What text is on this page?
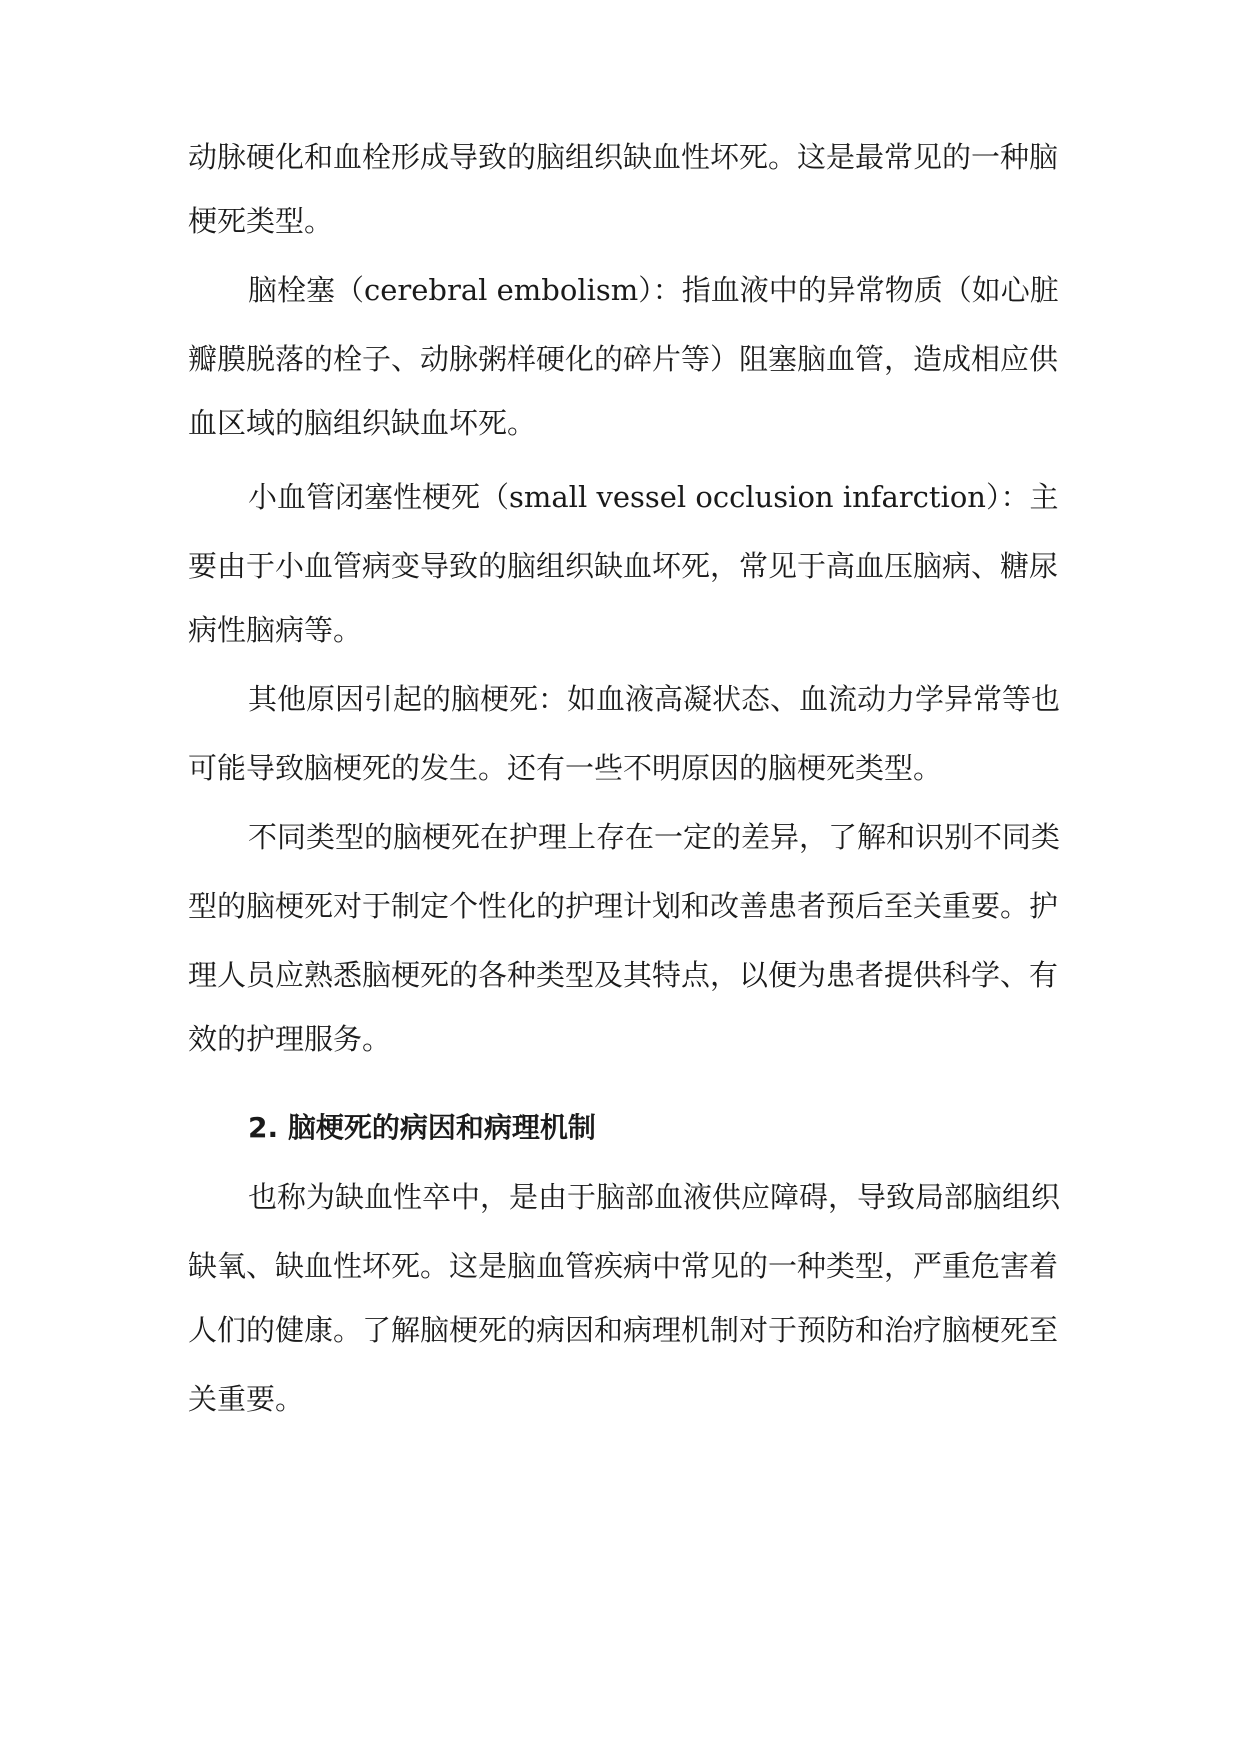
动脉硬化和血栓形成导致的脑组织缺血性坏死。这是最常见的一种脑
梗死类型。
脑栓塞（cerebral embolism）：指血液中的异常物质（如心脏
瓣膜脱落的栓子、动脉粥样硬化的碎片等）阻塞脑血管，造成相应供
血区域的脑组织缺血坏死。
小血管闭塞性梗死（small vessel occlusion infarction）：主
要由于小血管病变导致的脑组织缺血坏死，常见于高血压脑病、糖尿
病性脑病等。
其他原因引起的脑梗死：如血液高凝状态、血流动力学异常等也
可能导致脑梗死的发生。还有一些不明原因的脑梗死类型。
不同类型的脑梗死在护理上存在一定的差异，了解和识别不同类
型的脑梗死对于制定个性化的护理计划和改善患者预后至关重要。护
理人员应熟悉脑梗死的各种类型及其特点，以便为患者提供科学、有
效的护理服务。
2. 脑梗死的病因和病理机制
也称为缺血性卒中，是由于脑部血液供应障碍，导致局部脑组织
缺氧、缺血性坏死。这是脑血管疾病中常见的一种类型，严重危害着
人们的健康。了解脑梗死的病因和病理机制对于预防和治疗脑梗死至
关重要。
